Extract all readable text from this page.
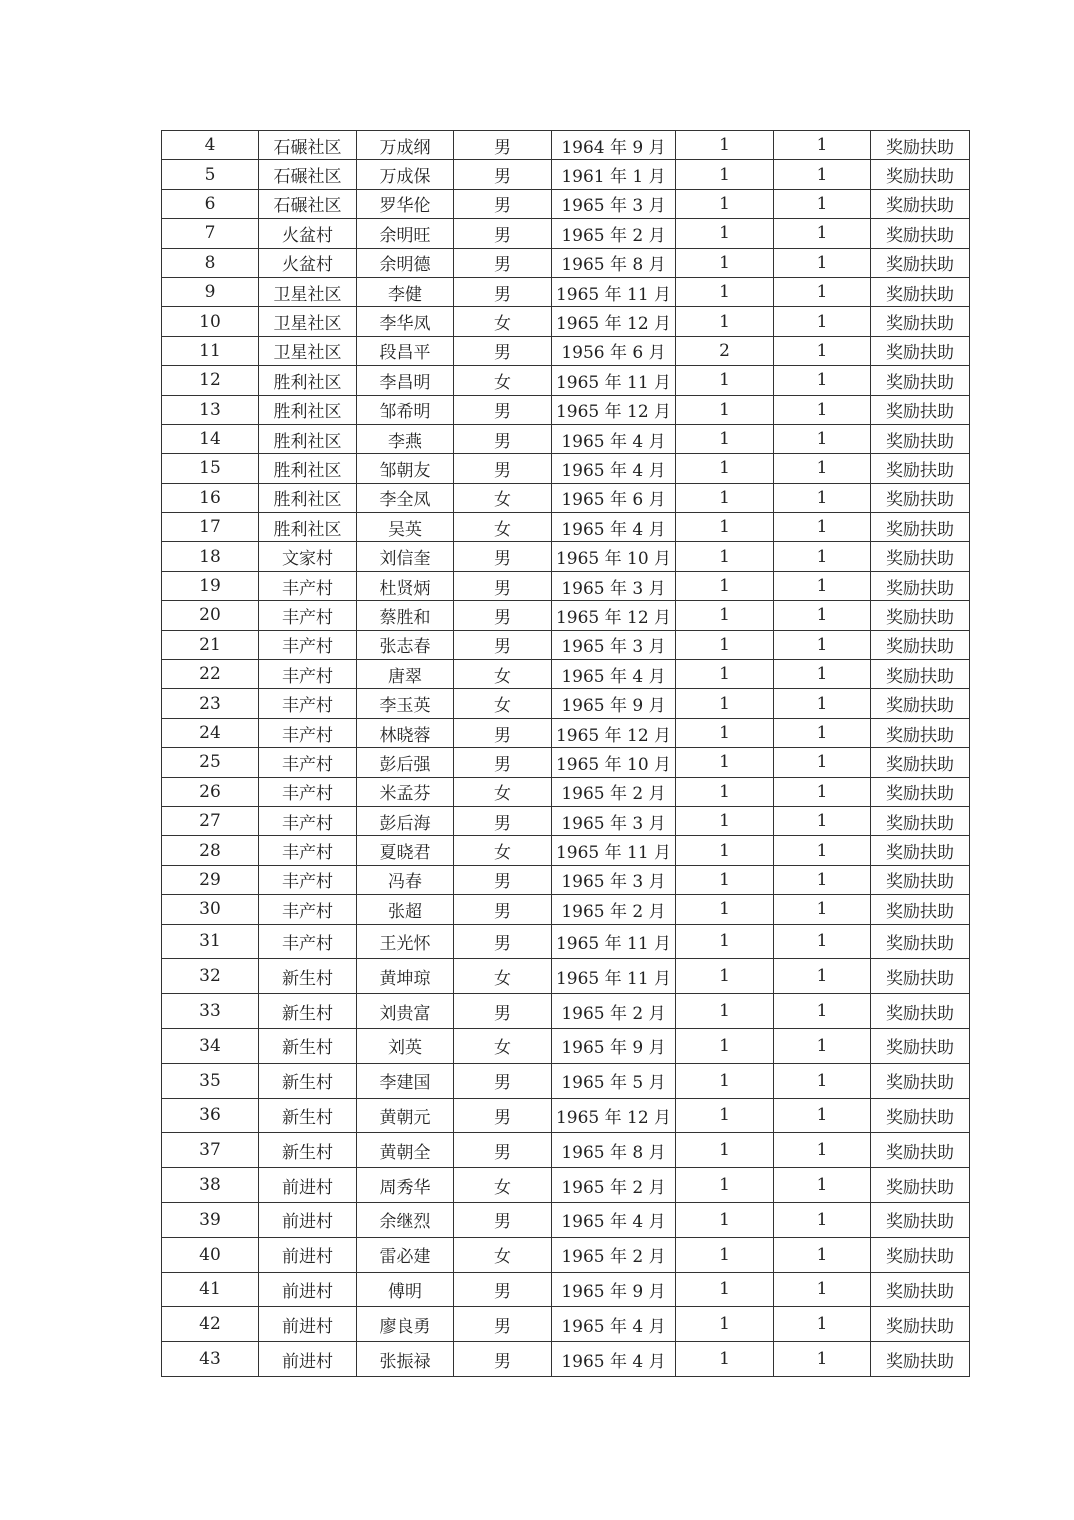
4	石碾社区	万成纲	男	1964 年 9 月	1	1	奖励扶助
5	石碾社区	万成保	男	1961 年 1 月	1	1	奖励扶助
6	石碾社区	罗华伦	男	1965 年 3 月	1	1	奖励扶助
7	火盆村	余明旺	男	1965 年 2 月	1	1	奖励扶助
8	火盆村	余明德	男	1965 年 8 月	1	1	奖励扶助
9	卫星社区	李健	男	1965 年 11 月	1	1	奖励扶助
10	卫星社区	李华凤	女	1965 年 12 月	1	1	奖励扶助
11	卫星社区	段昌平	男	1956 年 6 月	2	1	奖励扶助
12	胜利社区	李昌明	女	1965 年 11 月	1	1	奖励扶助
13	胜利社区	邹希明	男	1965 年 12 月	1	1	奖励扶助
14	胜利社区	李燕	男	1965 年 4 月	1	1	奖励扶助
15	胜利社区	邹朝友	男	1965 年 4 月	1	1	奖励扶助
16	胜利社区	李全凤	女	1965 年 6 月	1	1	奖励扶助
17	胜利社区	吴英	女	1965 年 4 月	1	1	奖励扶助
18	文家村	刘信奎	男	1965 年 10 月	1	1	奖励扶助
19	丰产村	杜贤炳	男	1965 年 3 月	1	1	奖励扶助
20	丰产村	蔡胜和	男	1965 年 12 月	1	1	奖励扶助
21	丰产村	张志春	男	1965 年 3 月	1	1	奖励扶助
22	丰产村	唐翠	女	1965 年 4 月	1	1	奖励扶助
23	丰产村	李玉英	女	1965 年 9 月	1	1	奖励扶助
24	丰产村	林晓蓉	男	1965 年 12 月	1	1	奖励扶助
25	丰产村	彭后强	男	1965 年 10 月	1	1	奖励扶助
26	丰产村	米孟芬	女	1965 年 2 月	1	1	奖励扶助
27	丰产村	彭后海	男	1965 年 3 月	1	1	奖励扶助
28	丰产村	夏晓君	女	1965 年 11 月	1	1	奖励扶助
29	丰产村	冯春	男	1965 年 3 月	1	1	奖励扶助
30	丰产村	张超	男	1965 年 2 月	1	1	奖励扶助
31	丰产村	王光怀	男	1965 年 11 月	1	1	奖励扶助
32	新生村	黄坤琼	女	1965 年 11 月	1	1	奖励扶助
33	新生村	刘贵富	男	1965 年 2 月	1	1	奖励扶助
34	新生村	刘英	女	1965 年 9 月	1	1	奖励扶助
35	新生村	李建国	男	1965 年 5 月	1	1	奖励扶助
36	新生村	黄朝元	男	1965 年 12 月	1	1	奖励扶助
37	新生村	黄朝全	男	1965 年 8 月	1	1	奖励扶助
38	前进村	周秀华	女	1965 年 2 月	1	1	奖励扶助
39	前进村	余继烈	男	1965 年 4 月	1	1	奖励扶助
40	前进村	雷必建	女	1965 年 2 月	1	1	奖励扶助
41	前进村	傅明	男	1965 年 9 月	1	1	奖励扶助
42	前进村	廖良勇	男	1965 年 4 月	1	1	奖励扶助
43	前进村	张振禄	男	1965 年 4 月	1	1	奖励扶助
